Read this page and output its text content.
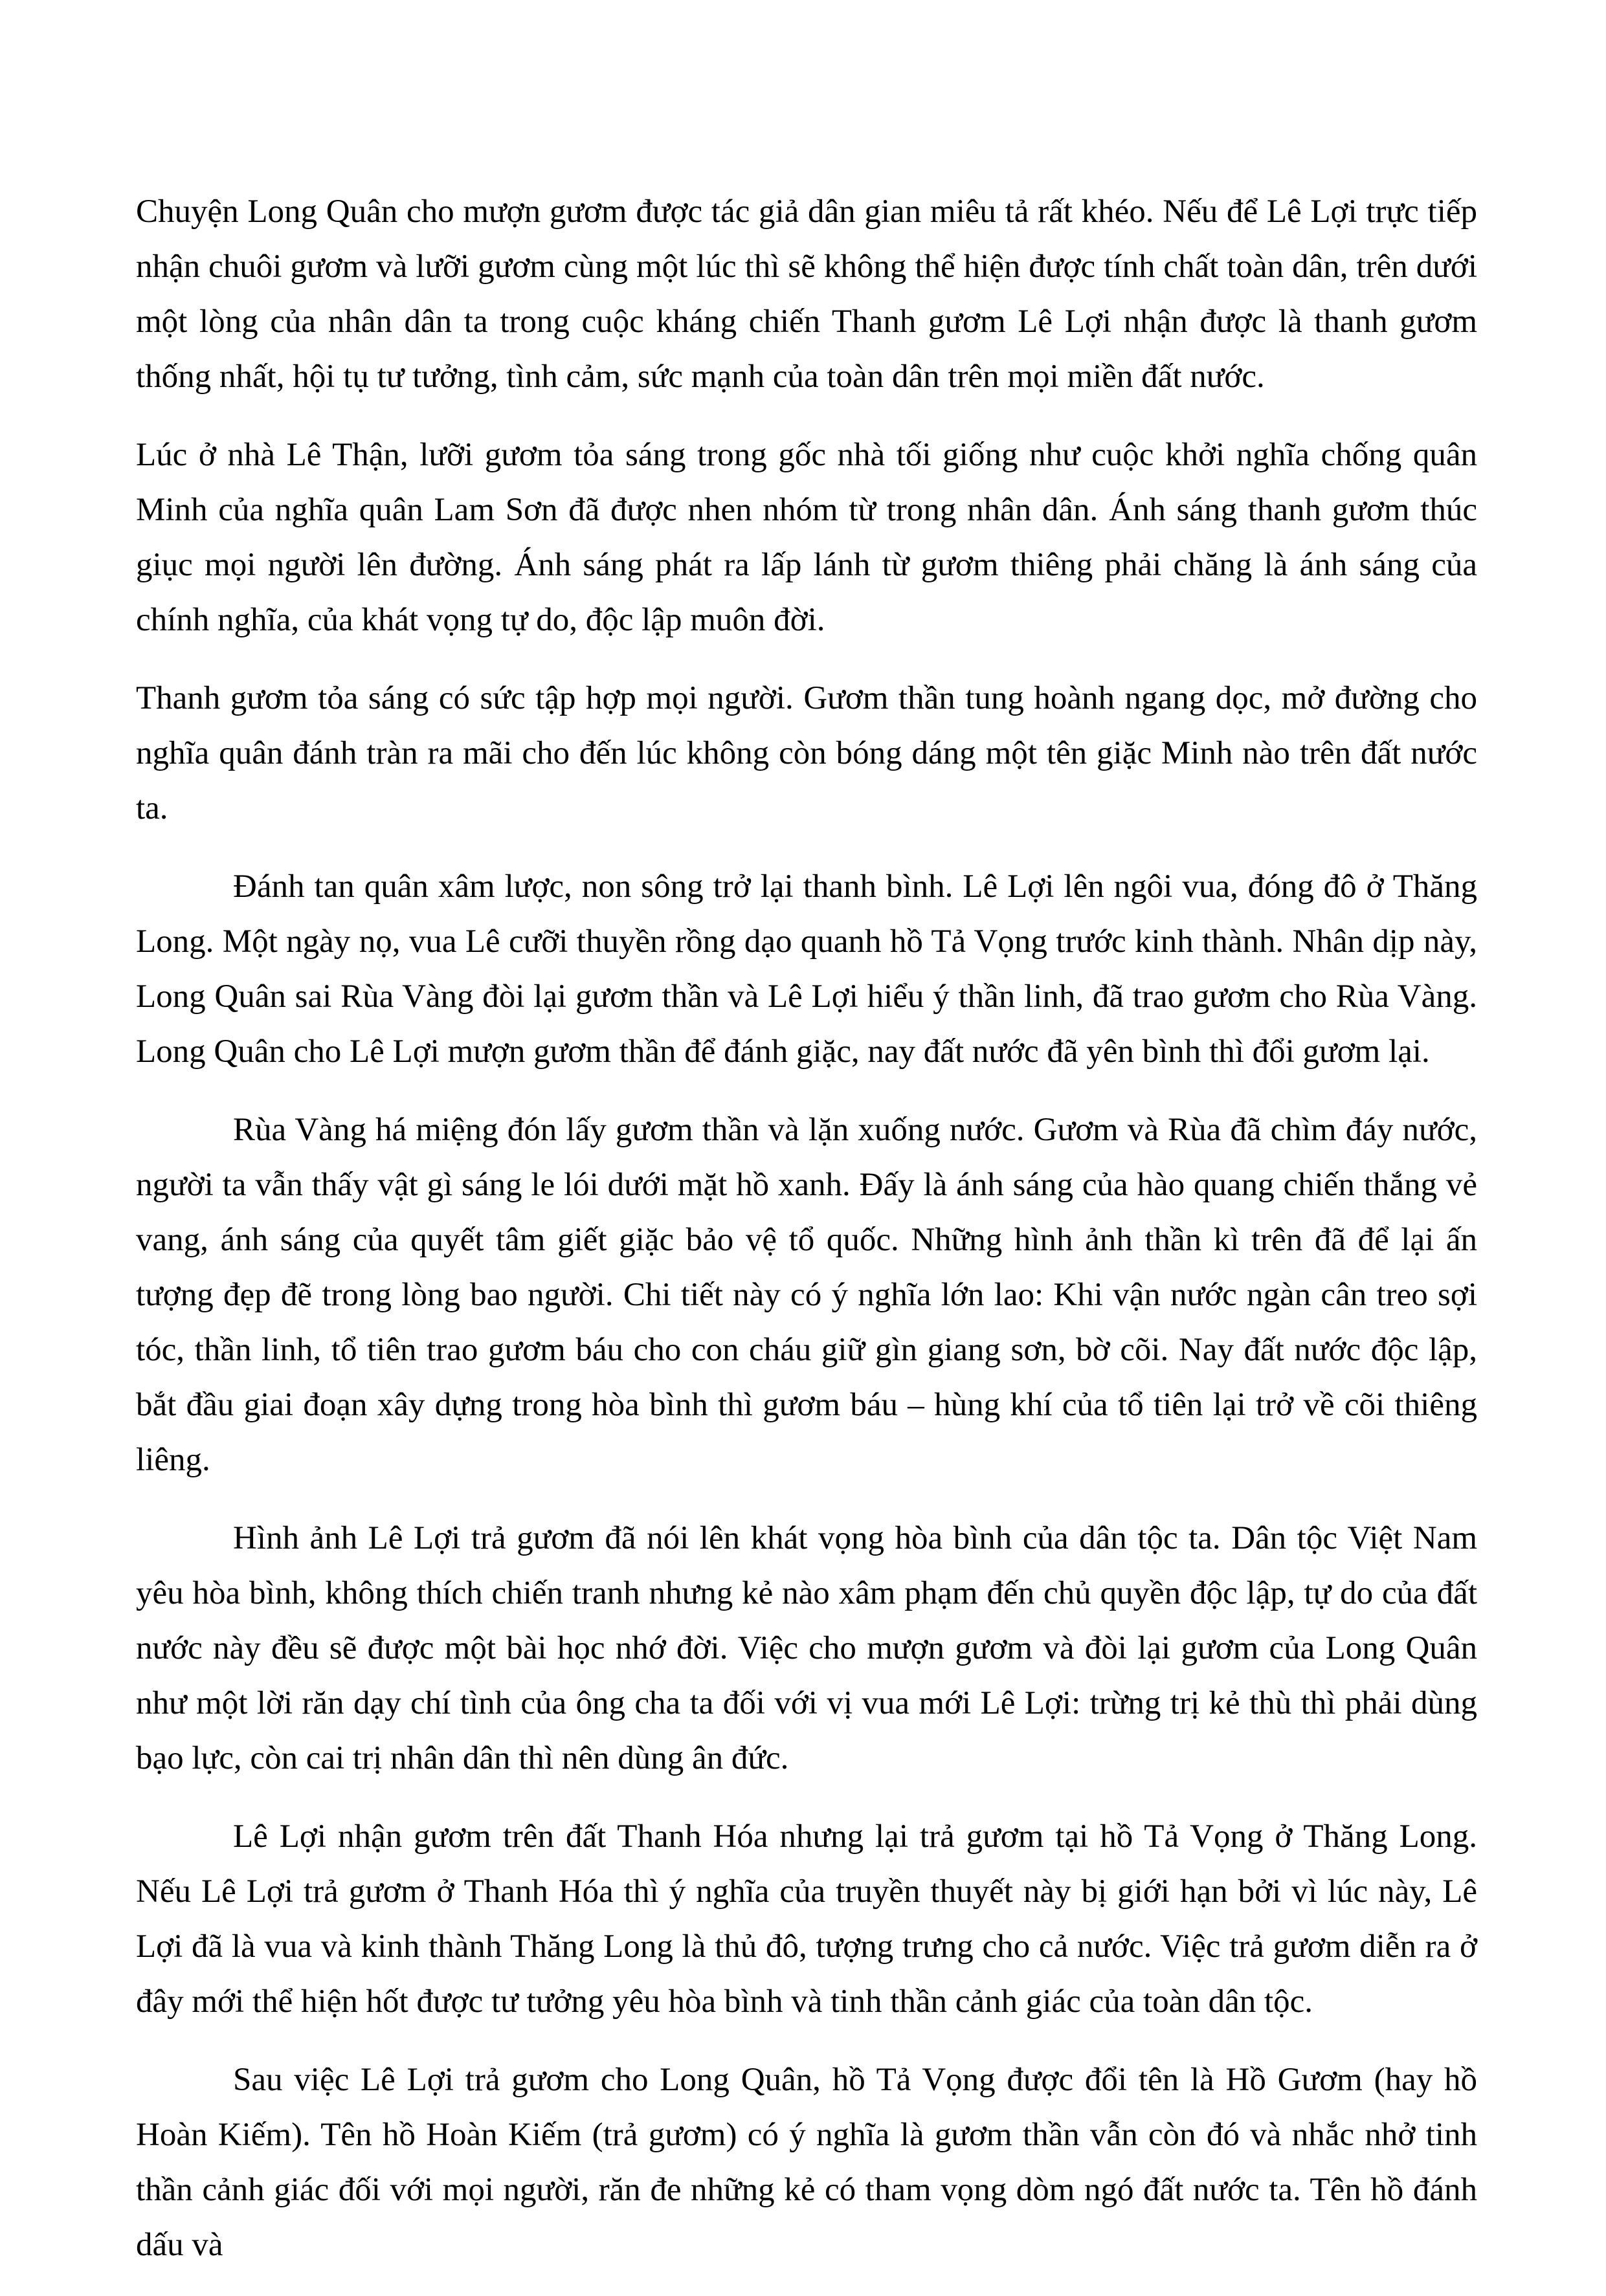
Chuyện Long Quân cho mượn gươm được tác giả dân gian miêu tả rất khéo. Nếu để Lê Lợi trực tiếp nhận chuôi gươm và lưỡi gươm cùng một lúc thì sẽ không thể hiện được tính chất toàn dân, trên dưới một lòng của nhân dân ta trong cuộc kháng chiến Thanh gươm Lê Lợi nhận được là thanh gươm thống nhất, hội tụ tư tưởng, tình cảm, sức mạnh của toàn dân trên mọi miền đất nước.

Lúc ở nhà Lê Thận, lưỡi gươm tỏa sáng trong gốc nhà tối giống như cuộc khởi nghĩa chống quân Minh của nghĩa quân Lam Sơn đã được nhen nhóm từ trong nhân dân. Ánh sáng thanh gươm thúc giục mọi người lên đường. Ánh sáng phát ra lấp lánh từ gươm thiêng phải chăng là ánh sáng của chính nghĩa, của khát vọng tự do, độc lập muôn đời.

Thanh gươm tỏa sáng có sức tập hợp mọi người. Gươm thần tung hoành ngang dọc, mở đường cho nghĩa quân đánh tràn ra mãi cho đến lúc không còn bóng dáng một tên giặc Minh nào trên đất nước ta.

Đánh tan quân xâm lược, non sông trở lại thanh bình. Lê Lợi lên ngôi vua, đóng đô ở Thăng Long. Một ngày nọ, vua Lê cưỡi thuyền rồng dạo quanh hồ Tả Vọng trước kinh thành. Nhân dịp này, Long Quân sai Rùa Vàng đòi lại gươm thần và Lê Lợi hiểu ý thần linh, đã trao gươm cho Rùa Vàng. Long Quân cho Lê Lợi mượn gươm thần để đánh giặc, nay đất nước đã yên bình thì đổi gươm lại.

Rùa Vàng há miệng đón lấy gươm thần và lặn xuống nước. Gươm và Rùa đã chìm đáy nước, người ta vẫn thấy vật gì sáng le lói dưới mặt hồ xanh. Đấy là ánh sáng của hào quang chiến thắng vẻ vang, ánh sáng của quyết tâm giết giặc bảo vệ tổ quốc. Những hình ảnh thần kì trên đã để lại ấn tượng đẹp đẽ trong lòng bao người. Chi tiết này có ý nghĩa lớn lao: Khi vận nước ngàn cân treo sợi tóc, thần linh, tổ tiên trao gươm báu cho con cháu giữ gìn giang sơn, bờ cõi. Nay đất nước độc lập, bắt đầu giai đoạn xây dựng trong hòa bình thì gươm báu – hùng khí của tổ tiên lại trở về cõi thiêng liêng.

Hình ảnh Lê Lợi trả gươm đã nói lên khát vọng hòa bình của dân tộc ta. Dân tộc Việt Nam yêu hòa bình, không thích chiến tranh nhưng kẻ nào xâm phạm đến chủ quyền độc lập, tự do của đất nước này đều sẽ được một bài học nhớ đời. Việc cho mượn gươm và đòi lại gươm của Long Quân như một lời răn dạy chí tình của ông cha ta đối với vị vua mới Lê Lợi: trừng trị kẻ thù thì phải dùng bạo lực, còn cai trị nhân dân thì nên dùng ân đức.

Lê Lợi nhận gươm trên đất Thanh Hóa nhưng lại trả gươm tại hồ Tả Vọng ở Thăng Long. Nếu Lê Lợi trả gươm ở Thanh Hóa thì ý nghĩa của truyền thuyết này bị giới hạn bởi vì lúc này, Lê Lợi đã là vua và kinh thành Thăng Long là thủ đô, tượng trưng cho cả nước. Việc trả gươm diễn ra ở đây mới thể hiện hốt được tư tưởng yêu hòa bình và tinh thần cảnh giác của toàn dân tộc.

Sau việc Lê Lợi trả gươm cho Long Quân, hồ Tả Vọng được đổi tên là Hồ Gươm (hay hồ Hoàn Kiếm). Tên hồ Hoàn Kiếm (trả gươm) có ý nghĩa là gươm thần vẫn còn đó và nhắc nhở tinh thần cảnh giác đối với mọi người, răn đe những kẻ có tham vọng dòm ngó đất nước ta. Tên hồ đánh dấu và
